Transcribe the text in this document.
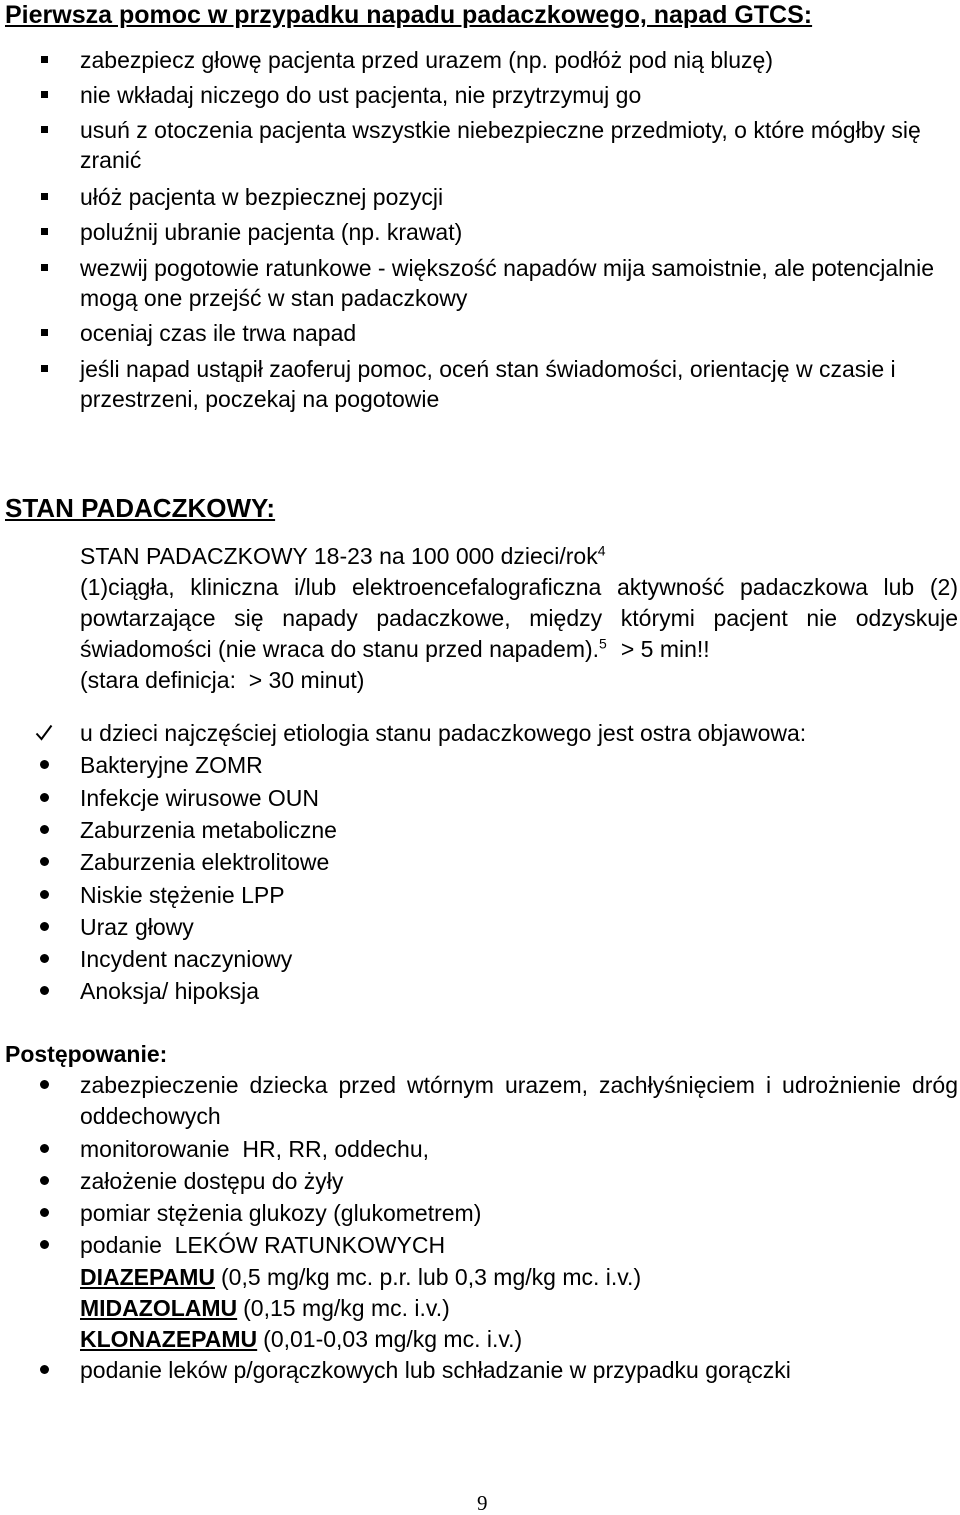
Pierwsza pomoc w przypadku napadu padaczkowego, napad GTCS:
zabezpiecz głowę pacjenta przed urazem (np. podłóż pod nią bluzę)
nie wkładaj niczego do ust pacjenta, nie przytrzymuj go
usuń z otoczenia pacjenta wszystkie niebezpieczne przedmioty, o które mógłby się
zranić
ułóż pacjenta w bezpiecznej pozycji
poluźnij ubranie pacjenta (np. krawat)
wezwij pogotowie ratunkowe - większość napadów mija samoistnie, ale potencjalnie
mogą one przejść w stan padaczkowy
oceniaj czas ile trwa napad
jeśli napad ustąpił zaoferuj pomoc, oceń stan świadomości, orientację w czasie i
przestrzeni, poczekaj na pogotowie
STAN PADACZKOWY:
STAN PADACZKOWY 18-23 na 100 000 dzieci/rok$^4$
(1)ciągła, kliniczna i/lub elektroencefalograficzna aktywność padaczkowa lub (2)
powtarzające się napady padaczkowe, między którymi pacjent nie odzyskuje
świadomości (nie wraca do stanu przed napadem).$^5$ > 5 min!!
(stara definicja:  > 30 minut)
u dzieci najczęściej etiologia stanu padaczkowego jest ostra objawowa:
Bakteryjne ZOMR
Infekcje wirusowe OUN
Zaburzenia metaboliczne
Zaburzenia elektrolitowe
Niskie stężenie LPP
Uraz głowy
Incydent naczyniowy
Anoksja/ hipoksja
Postępowanie:
zabezpieczenie dziecka przed wtórnym urazem, zachłyśnięciem i udrożnienie dróg
oddechowych
monitorowanie  HR, RR, oddechu,
założenie dostępu do żyły
pomiar stężenia glukozy (glukometrem)
podanie  LEKÓW RATUNKOWYCH
DIAZEPAMU (0,5 mg/kg mc. p.r. lub 0,3 mg/kg mc. i.v.)
MIDAZOLAMU (0,15 mg/kg mc. i.v.)
KLONAZEPAMU (0,01-0,03 mg/kg mc. i.v.)
podanie leków p/gorączkowych lub schładzanie w przypadku gorączki
9
